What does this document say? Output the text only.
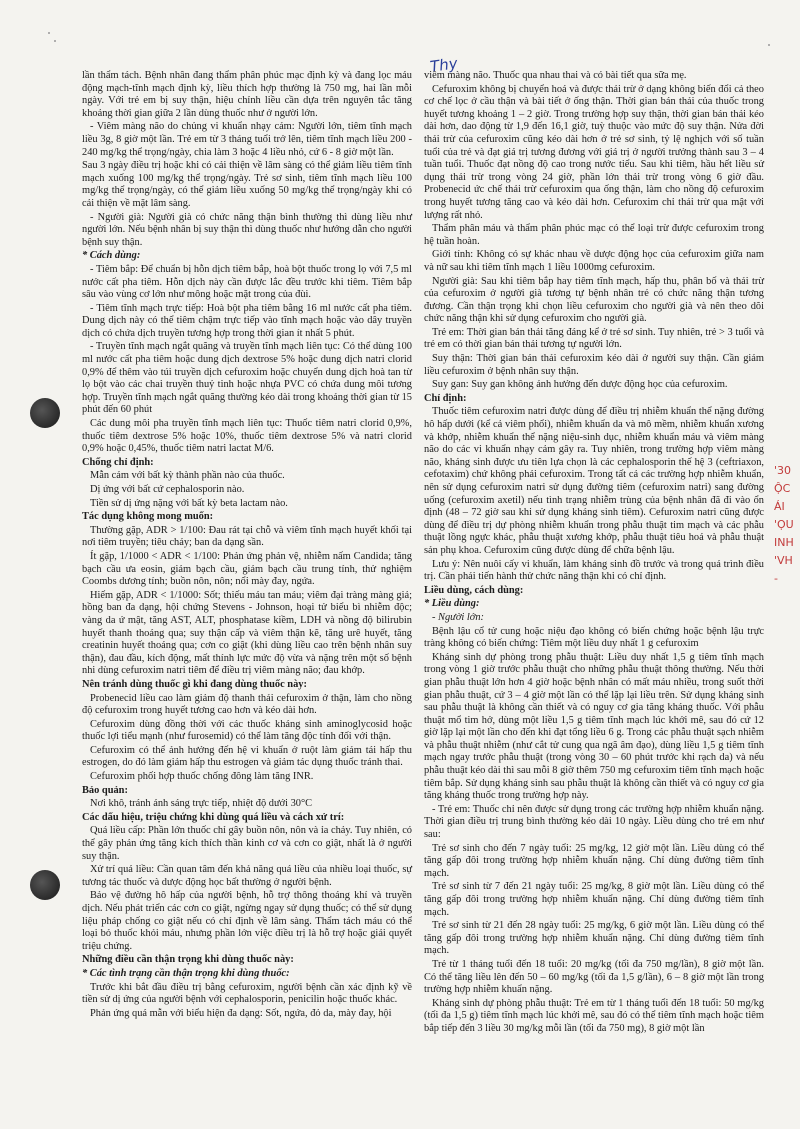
Thy
'30
ỘC
ÁI
'ỌU
INH
'VH -

lần thẩm tách. Bệnh nhân đang thẩm phân phúc mạc định kỳ và đang lọc máu động mạch-tĩnh mạch định kỳ, liều thích hợp thường là 750 mg, hai lần mỗi ngày. Với trẻ em bị suy thận, hiệu chỉnh liều cần dựa trên nguyên tắc tăng khoảng thời gian giữa 2 lần dùng thuốc như ở người lớn.

- Viêm màng não do chủng vi khuẩn nhạy cảm: Người lớn, tiêm tĩnh mạch liều 3g, 8 giờ một lần. Trẻ em từ 3 tháng tuổi trở lên, tiêm tĩnh mạch liều 200 - 240 mg/kg thể trọng/ngày, chia làm 3 hoặc 4 liều nhỏ, cứ 6 - 8 giờ một lần.

Sau 3 ngày điều trị hoặc khi có cải thiện về lâm sàng có thể giảm liều tiêm tĩnh mạch xuống 100 mg/kg thể trọng/ngày. Trẻ sơ sinh, tiêm tĩnh mạch liều 100 mg/kg thể trọng/ngày, có thể giảm liều xuống 50 mg/kg thể trọng/ngày khi có cải thiện về mặt lâm sàng.

- Người già: Người già có chức năng thận bình thường thì dùng liều như người lớn. Nếu bệnh nhân bị suy thận thì dùng thuốc như hướng dẫn cho người bệnh suy thận.

* Cách dùng:

- Tiêm bắp: Để chuẩn bị hỗn dịch tiêm bắp, hoà bột thuốc trong lọ với 7,5 ml nước cất pha tiêm. Hỗn dịch này cần được lắc đều trước khi tiêm. Tiêm bắp sâu vào vùng cơ lớn như mông hoặc mặt trong của đùi.

- Tiêm tĩnh mạch trực tiếp: Hoà bột pha tiêm bằng 16 ml nước cất pha tiêm. Dung dịch này có thể tiêm chậm trực tiếp vào tĩnh mạch hoặc vào dây truyền dịch có chứa dịch truyền tương hợp trong thời gian ít nhất 5 phút.

- Truyền tĩnh mạch ngắt quãng và truyền tĩnh mạch liên tục: Có thể dùng 100 ml nước cất pha tiêm hoặc dung dịch dextrose 5% hoặc dung dịch natri clorid 0,9% để thêm vào túi truyền dịch cefuroxim hoặc chuyển dung dịch hoà tan từ lọ bột vào các chai truyền thuỷ tinh hoặc nhựa PVC có chứa dung môi tương hợp. Truyền tĩnh mạch ngắt quãng thường kéo dài trong khoảng thời gian từ 15 phút đến 60 phút

Các dung môi pha truyền tĩnh mạch liên tục: Thuốc tiêm natri clorid 0,9%, thuốc tiêm dextrose 5% hoặc 10%, thuốc tiêm dextrose 5% và natri clorid 0,9% hoặc 0,45%, thuốc tiêm natri lactat M/6.

Chống chỉ định:

Mẫn cảm với bất kỳ thành phần nào của thuốc.

Dị ứng với bất cứ cephalosporin nào.

Tiền sử dị ứng nặng với bất kỳ beta lactam nào.

Tác dụng không mong muốn:

Thường gặp, ADR > 1/100: Đau rát tại chỗ và viêm tĩnh mạch huyết khối tại nơi tiêm truyền; tiêu chảy; ban da dạng sần.

Ít gặp, 1/1000 < ADR < 1/100: Phản ứng phản vệ, nhiễm nấm Candida; tăng bạch cầu ưa eosin, giảm bạch cầu, giảm bạch cầu trung tính, thử nghiệm Coombs dương tính; buồn nôn, nôn; nổi mày đay, ngứa.

Hiếm gặp, ADR < 1/1000: Sốt; thiếu máu tan máu; viêm đại tràng màng giả; hồng ban đa dạng, hội chứng Stevens - Johnson, hoại tử biểu bì nhiễm độc; vàng da ứ mật, tăng AST, ALT, phosphatase kiềm, LDH và nồng độ bilirubin huyết thanh thoáng qua; suy thận cấp và viêm thận kẽ, tăng urê huyết, tăng creatinin huyết thoáng qua; cơn co giật (khi dùng liều cao trên bệnh nhân suy thận), đau đầu, kích động, mất thính lực mức độ vừa và nặng trên một số bệnh nhi dùng cefuroxim natri tiêm để điều trị viêm màng não; đau khớp.

Nên tránh dùng thuốc gì khi đang dùng thuốc này:

Probenecid liều cao làm giảm độ thanh thải cefuroxim ở thận, làm cho nồng độ cefuroxim trong huyết tương cao hơn và kéo dài hơn.

Cefuroxim dùng đồng thời với các thuốc kháng sinh aminoglycosid hoặc thuốc lợi tiểu mạnh (như furosemid) có thể làm tăng độc tính đối với thận.

Cefuroxim có thể ảnh hưởng đến hệ vi khuẩn ở ruột làm giảm tái hấp thu estrogen, do đó làm giảm hấp thu estrogen và giảm tác dụng thuốc tránh thai.

Cefuroxim phối hợp thuốc chống đông làm tăng INR.

Bảo quản:

Nơi khô, tránh ánh sáng trực tiếp, nhiệt độ dưới 30°C

Các dấu hiệu, triệu chứng khi dùng quá liều và cách xử trí:

Quá liều cấp: Phần lớn thuốc chỉ gây buồn nôn, nôn và ỉa chảy. Tuy nhiên, có thể gây phản ứng tăng kích thích thần kinh cơ và cơn co giật, nhất là ở người suy thận.

Xử trí quá liều: Cần quan tâm đến khả năng quá liều của nhiều loại thuốc, sự tương tác thuốc và dược động học bất thường ở người bệnh.

Bảo vệ đường hô hấp của người bệnh, hỗ trợ thông thoáng khí và truyền dịch. Nếu phát triển các cơn co giật, ngừng ngay sử dụng thuốc; có thể sử dụng liệu pháp chống co giật nếu có chỉ định về lâm sàng. Thẩm tách máu có thể loại bỏ thuốc khỏi máu, nhưng phần lớn việc điều trị là hỗ trợ hoặc giải quyết triệu chứng.

Những điều cần thận trọng khi dùng thuốc này:

* Các tình trạng cần thận trọng khi dùng thuốc:

Trước khi bắt đầu điều trị bằng cefuroxim, người bệnh cần xác định kỹ về tiền sử dị ứng của người bệnh với cephalosporin, penicilin hoặc thuốc khác.

Phản ứng quá mẫn với biểu hiện đa dạng: Sốt, ngứa, đỏ da, mày đay, hội

viêm màng não. Thuốc qua nhau thai và có bài tiết qua sữa mẹ.

Cefuroxim không bị chuyển hoá và được thải trừ ở dạng không biến đổi cả theo cơ chế lọc ở cầu thận và bài tiết ở ống thận. Thời gian bán thải của thuốc trong huyết tương khoảng 1 – 2 giờ. Trong trường hợp suy thận, thời gian bán thải kéo dài hơn, dao động từ 1,9 đến 16,1 giờ, tuỳ thuộc vào mức độ suy thận. Nửa đời thải trừ của cefuroxim cũng kéo dài hơn ở trẻ sơ sinh, tỷ lệ nghịch với số tuần tuổi của trẻ và đạt giá trị tương đương với giá trị ở người trưởng thành sau 3 – 4 tuần tuổi. Thuốc đạt nồng độ cao trong nước tiểu. Sau khi tiêm, hầu hết liều sử dụng thải trừ trong vòng 24 giờ, phần lớn thải trừ trong vòng 6 giờ đầu. Probenecid ức chế thải trừ cefuroxim qua ống thận, làm cho nồng độ cefuroxim trong huyết tương tăng cao và kéo dài hơn. Cefuroxim chỉ thải trừ qua mật với lượng rất nhỏ.

Thẩm phân máu và thẩm phân phúc mạc có thể loại trừ được cefuroxim trong hệ tuần hoàn.

Giới tính: Không có sự khác nhau về dược động học của cefuroxim giữa nam và nữ sau khi tiêm tĩnh mạch 1 liều 1000mg cefuroxim.

Người già: Sau khi tiêm bắp hay tiêm tĩnh mạch, hấp thu, phân bố và thải trừ của cefuroxim ở người già tương tự bệnh nhân trẻ có chức năng thận tương đương. Cần thận trọng khi chọn liều cefuroxim cho người già và nên theo dõi chức năng thận khi sử dụng cefuroxim cho người già.

Trẻ em: Thời gian bán thải tăng đáng kể ở trẻ sơ sinh. Tuy nhiên, trẻ > 3 tuổi và trẻ em có thời gian bán thải tương tự người lớn.

Suy thận: Thời gian bán thải cefuroxim kéo dài ở người suy thận. Cần giảm liều cefuroxim ở bệnh nhân suy thận.

Suy gan: Suy gan không ảnh hưởng đến dược động học của cefuroxim.

Chỉ định:

Thuốc tiêm cefuroxim natri được dùng để điều trị nhiễm khuẩn thể nặng đường hô hấp dưới (kể cả viêm phổi), nhiễm khuẩn da và mô mềm, nhiễm khuẩn xương và khớp, nhiễm khuẩn thể nặng niệu-sinh dục, nhiễm khuẩn máu và viêm màng não do các vi khuẩn nhạy cảm gây ra. Tuy nhiên, trong trường hợp viêm màng não, kháng sinh được ưu tiên lựa chọn là các cephalosporin thế hệ 3 (ceftriaxon, cefotaxim) chứ không phải cefuroxim. Trong tất cả các trường hợp nhiễm khuẩn, nên sử dụng cefuroxim natri sử dụng đường tiêm (cefuroxim natri) sang đường uống (cefuroxim axetil) nếu tình trạng nhiễm trùng của bệnh nhân đã đi vào ổn định (48 – 72 giờ sau khi sử dụng kháng sinh tiêm). Cefuroxim natri cũng được dùng để điều trị dự phòng nhiễm khuẩn trong phẫu thuật tim mạch và các phẫu thuật lồng ngực khác, phẫu thuật xương khớp, phẫu thuật tiêu hoá và phẫu thuật sản phụ khoa. Cefuroxim cũng được dùng để chữa bệnh lậu.

Lưu ý: Nên nuôi cấy vi khuẩn, làm kháng sinh đồ trước và trong quá trình điều trị. Cần phải tiến hành thử chức năng thận khi có chỉ định.

Liều dùng, cách dùng:

* Liều dùng:

- Người lớn:

Bệnh lậu cổ tử cung hoặc niệu đạo không có biến chứng hoặc bệnh lậu trực tràng không có biến chứng: Tiêm một liều duy nhất 1 g cefuroxim

Kháng sinh dự phòng trong phẫu thuật: Liều duy nhất 1,5 g tiêm tĩnh mạch trong vòng 1 giờ trước phẫu thuật cho những phẫu thuật thông thường. Nếu thời gian phẫu thuật lớn hơn 4 giờ hoặc bệnh nhân có mất máu nhiều, trong suốt thời gian phẫu thuật, cứ 3 – 4 giờ một lần có thể lặp lại liều trên. Sử dụng kháng sinh sau phẫu thuật là không cần thiết và có nguy cơ gia tăng kháng thuốc. Với phẫu thuật mổ tim hở, dùng một liều 1,5 g tiêm tĩnh mạch lúc khởi mê, sau đó cứ 12 giờ lặp lại một lần cho đến khi đạt tổng liều 6 g. Trong các phẫu thuật sạch nhiễm và phẫu thuật nhiễm (như cắt tử cung qua ngã âm đạo), dùng liều 1,5 g tiêm tĩnh mạch ngay trước phẫu thuật (trong vòng 30 – 60 phút trước khi rạch da) và nếu phẫu thuật kéo dài thì sau mỗi 8 giờ thêm 750 mg cefuroxim tiêm tĩnh mạch hoặc tiêm bắp. Sử dụng kháng sinh sau phẫu thuật là không cần thiết và có nguy cơ gia tăng kháng thuốc trong trường hợp này.

- Trẻ em: Thuốc chỉ nên được sử dụng trong các trường hợp nhiễm khuẩn nặng. Thời gian điều trị trung bình thường kéo dài 10 ngày. Liều dùng cho trẻ em như sau:

Trẻ sơ sinh cho đến 7 ngày tuổi: 25 mg/kg, 12 giờ một lần. Liều dùng có thể tăng gấp đôi trong trường hợp nhiễm khuẩn nặng. Chỉ dùng đường tiêm tĩnh mạch.

Trẻ sơ sinh từ 7 đến 21 ngày tuổi: 25 mg/kg, 8 giờ một lần. Liều dùng có thể tăng gấp đôi trong trường hợp nhiễm khuẩn nặng. Chỉ dùng đường tiêm tĩnh mạch.

Trẻ sơ sinh từ 21 đến 28 ngày tuổi: 25 mg/kg, 6 giờ một lần. Liều dùng có thể tăng gấp đôi trong trường hợp nhiễm khuẩn nặng. Chỉ dùng đường tiêm tĩnh mạch.

Trẻ từ 1 tháng tuổi đến 18 tuổi: 20 mg/kg (tối đa 750 mg/lần), 8 giờ một lần. Có thể tăng liều lên đến 50 – 60 mg/kg (tối đa 1,5 g/lần), 6 – 8 giờ một lần trong trường hợp nhiễm khuẩn nặng.

Kháng sinh dự phòng phẫu thuật: Trẻ em từ 1 tháng tuổi đến 18 tuổi: 50 mg/kg (tối đa 1,5 g) tiêm tĩnh mạch lúc khởi mê, sau đó có thể tiêm tĩnh mạch hoặc tiêm bắp tiếp đến 3 liều 30 mg/kg mỗi lần (tối đa 750 mg), 8 giờ một lần
